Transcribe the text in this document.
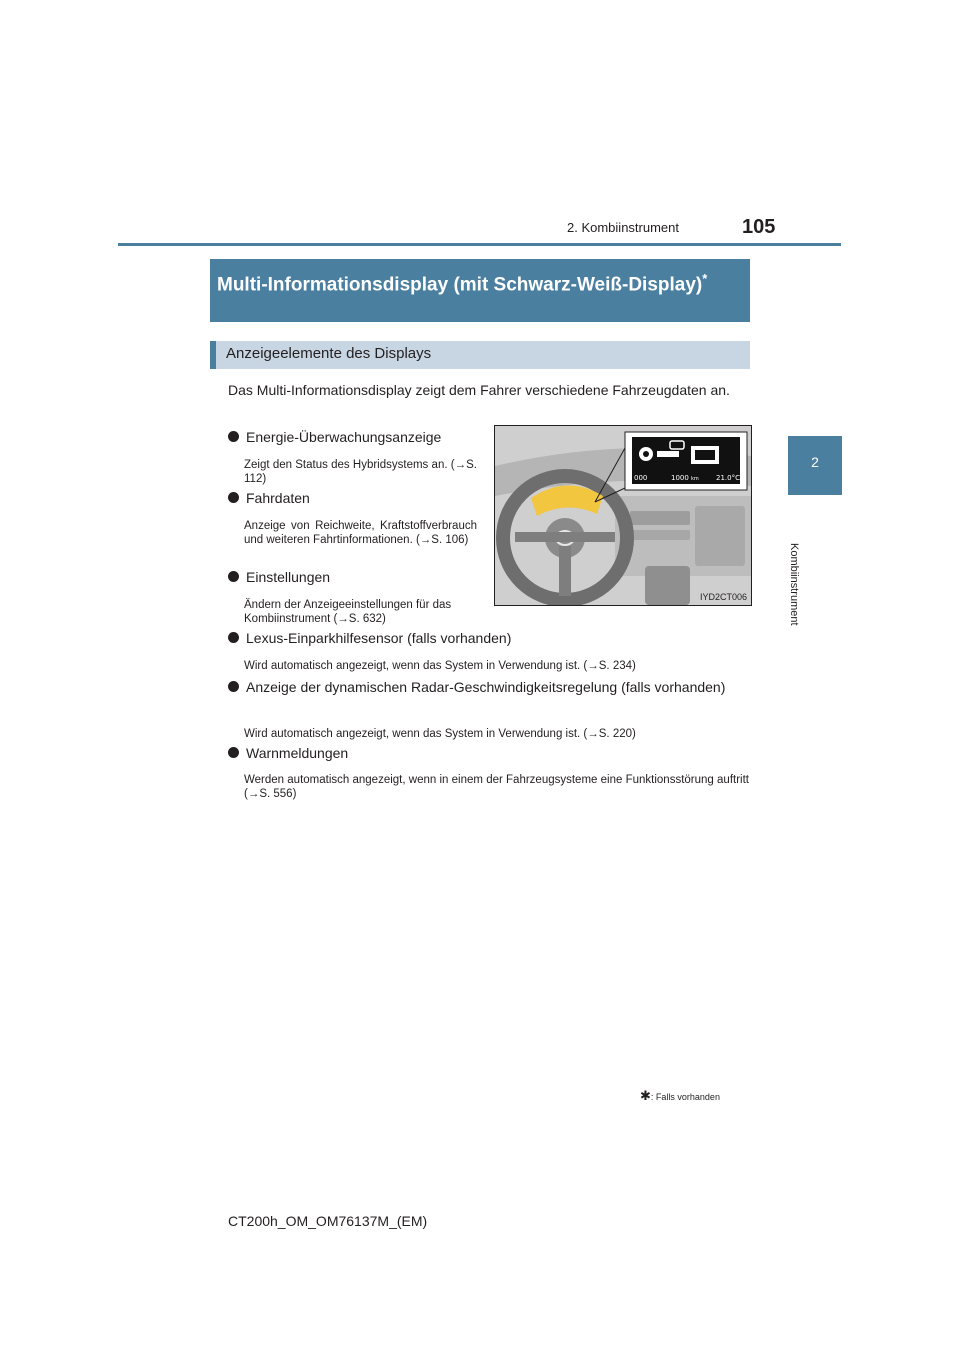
2. Kombiinstrument	105
2
Kombiinstrument
Multi-Informationsdisplay (mit Schwarz-Weiß-Display)*
Anzeigeelemente des Displays
Das Multi-Informationsdisplay zeigt dem Fahrer verschiedene Fahrzeugdaten an.
Energie-Überwachungsanzeige
Zeigt den Status des Hybridsystems an. (→S. 112)
Fahrdaten
Anzeige von Reichweite, Kraftstoffverbrauch und weiteren Fahrtinformationen. (→S. 106)
Einstellungen
Ändern der Anzeigeeinstellungen für das Kombiinstrument (→S. 632)
Lexus-Einparkhilfesensor (falls vorhanden)
Wird automatisch angezeigt, wenn das System in Verwendung ist. (→S. 234)
Anzeige der dynamischen Radar-Geschwindigkeitsregelung (falls vorhanden)
Wird automatisch angezeigt, wenn das System in Verwendung ist. (→S. 220)
Warnmeldungen
Werden automatisch angezeigt, wenn in einem der Fahrzeugsysteme eine Funktionsstörung auftritt (→S. 556)
000	1000 km 21.0°C
IYD2CT006
✱: Falls vorhanden
CT200h_OM_OM76137M_(EM)
